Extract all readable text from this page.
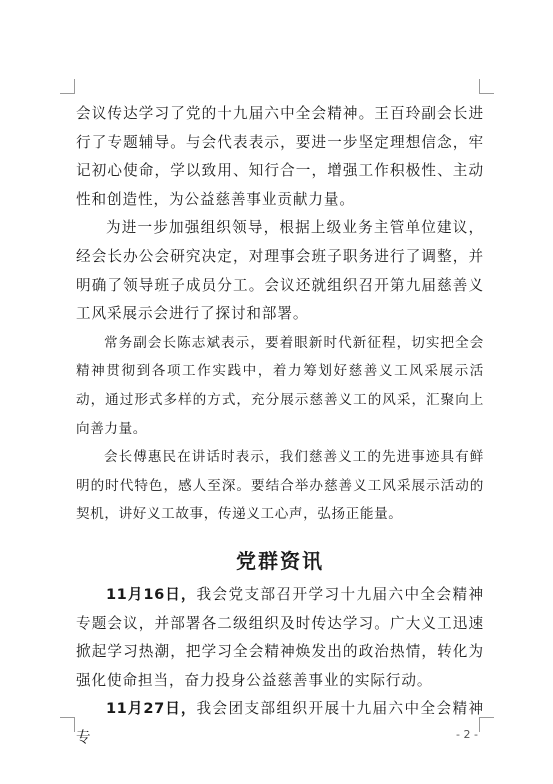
会议传达学习了党的十九届六中全会精神。王百玲副会长进行了专题辅导。与会代表表示，要进一步坚定理想信念，牢记初心使命，学以致用、知行合一，增强工作积极性、主动性和创造性，为公益慈善事业贡献力量。

为进一步加强组织领导，根据上级业务主管单位建议，经会长办公会研究决定，对理事会班子职务进行了调整，并明确了领导班子成员分工。会议还就组织召开第九届慈善义工风采展示会进行了探讨和部署。

常务副会长陈志斌表示，要着眼新时代新征程，切实把全会精神贯彻到各项工作实践中，着力筹划好慈善义工风采展示活动，通过形式多样的方式，充分展示慈善义工的风采，汇聚向上向善力量。

会长傅惠民在讲话时表示，我们慈善义工的先进事迹具有鲜明的时代特色，感人至深。要结合举办慈善义工风采展示活动的契机，讲好义工故事，传递义工心声，弘扬正能量。

党群资讯

11月16日，我会党支部召开学习十九届六中全会精神专题会议，并部署各二级组织及时传达学习。广大义工迅速掀起学习热潮，把学习全会精神焕发出的政治热情，转化为强化使命担当，奋力投身公益慈善事业的实际行动。

11月27日，我会团支部组织开展十九届六中全会精神专	- 2 -
